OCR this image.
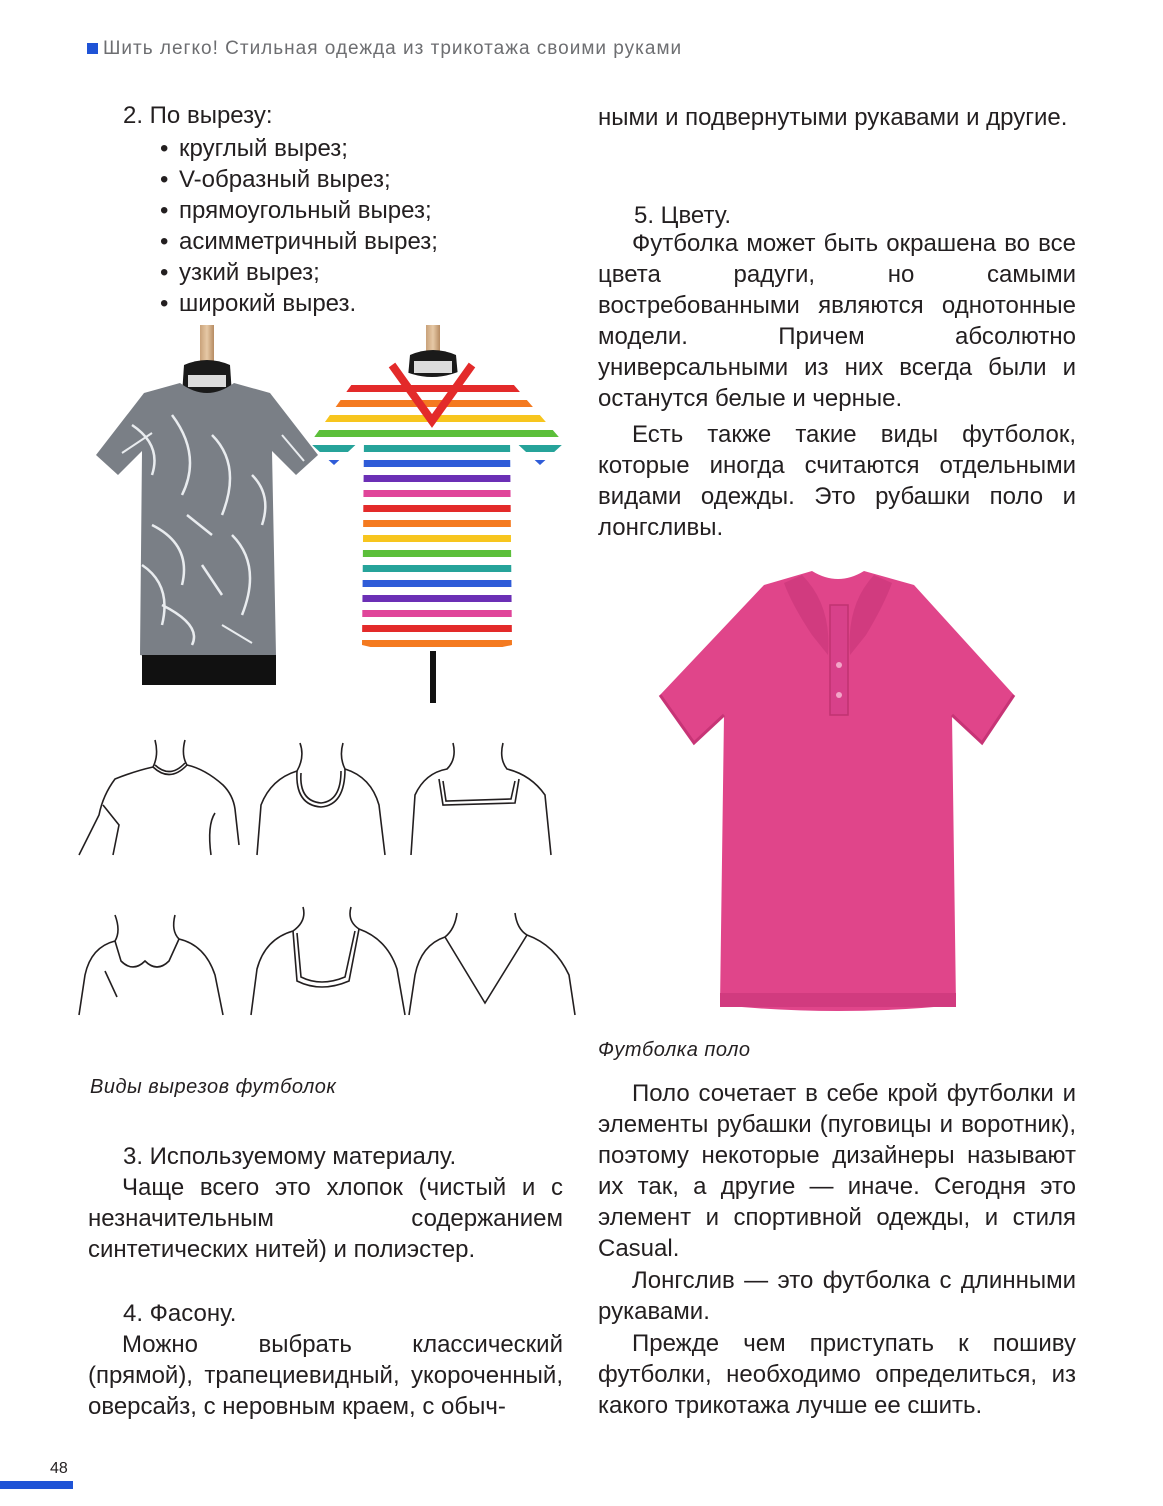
Шить легко! Стильная одежда из трикотажа своими руками
2. По вырезу:
• круглый вырез;
• V-образный вырез;
• прямоугольный вырез;
• асимметричный вырез;
• узкий вырез;
• широкий вырез.
Виды вырезов футболок
3. Используемому материалу.

Чаще всего это хлопок (чистый и с незначительным содержанием синтетических нитей) и полиэстер.

4. Фасону.

Можно выбрать классический (прямой), трапециевидный, укороченный, оверсайз, с неровным краем, с обыч-

ными и подвернутыми рукавами и другие.

5. Цвету.

Футболка может быть окрашена во все цвета радуги, но самыми востребованными являются однотонные модели. Причем абсолютно универсальными из них всегда были и останутся белые и черные.

Есть также такие виды футболок, которые иногда считаются отдельными видами одежды. Это рубашки поло и лонгсливы.

Футболка поло

Поло сочетает в себе крой футболки и элементы рубашки (пуговицы и воротник), поэтому некоторые дизайнеры называют их так, а другие — иначе. Сегодня это элемент и спортивной одежды, и стиля Casual.

Лонгслив — это футболка с длинными рукавами.

Прежде чем приступать к пошиву футболки, необходимо определиться, из какого трикотажа лучше ее сшить.

48
